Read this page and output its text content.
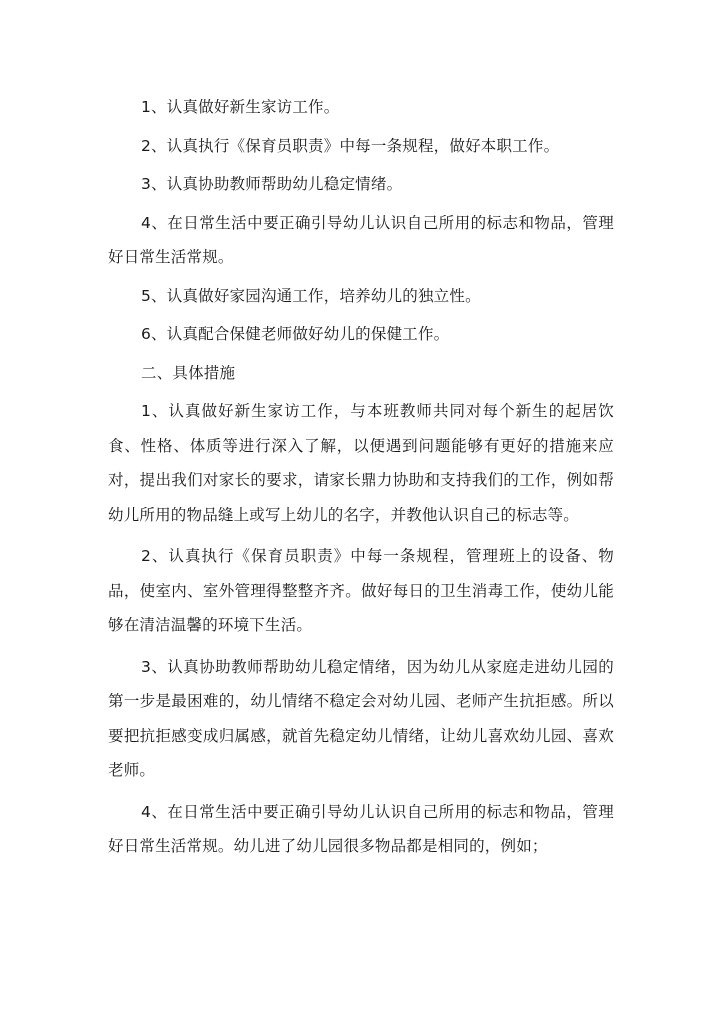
1、认真做好新生家访工作。

2、认真执行《保育员职责》中每一条规程，做好本职工作。

3、认真协助教师帮助幼儿稳定情绪。

4、在日常生活中要正确引导幼儿认识自己所用的标志和物品，管理好日常生活常规。

5、认真做好家园沟通工作，培养幼儿的独立性。

6、认真配合保健老师做好幼儿的保健工作。

二、具体措施

1、认真做好新生家访工作，与本班教师共同对每个新生的起居饮食、性格、体质等进行深入了解，以便遇到问题能够有更好的措施来应对，提出我们对家长的要求，请家长鼎力协助和支持我们的工作，例如帮幼儿所用的物品缝上或写上幼儿的名字，并教他认识自己的标志等。

2、认真执行《保育员职责》中每一条规程，管理班上的设备、物品，使室内、室外管理得整整齐齐。做好每日的卫生消毒工作，使幼儿能够在清洁温馨的环境下生活。

3、认真协助教师帮助幼儿稳定情绪，因为幼儿从家庭走进幼儿园的第一步是最困难的，幼儿情绪不稳定会对幼儿园、老师产生抗拒感。所以要把抗拒感变成归属感，就首先稳定幼儿情绪，让幼儿喜欢幼儿园、喜欢老师。

4、在日常生活中要正确引导幼儿认识自己所用的标志和物品，管理好日常生活常规。幼儿进了幼儿园很多物品都是相同的，例如；
